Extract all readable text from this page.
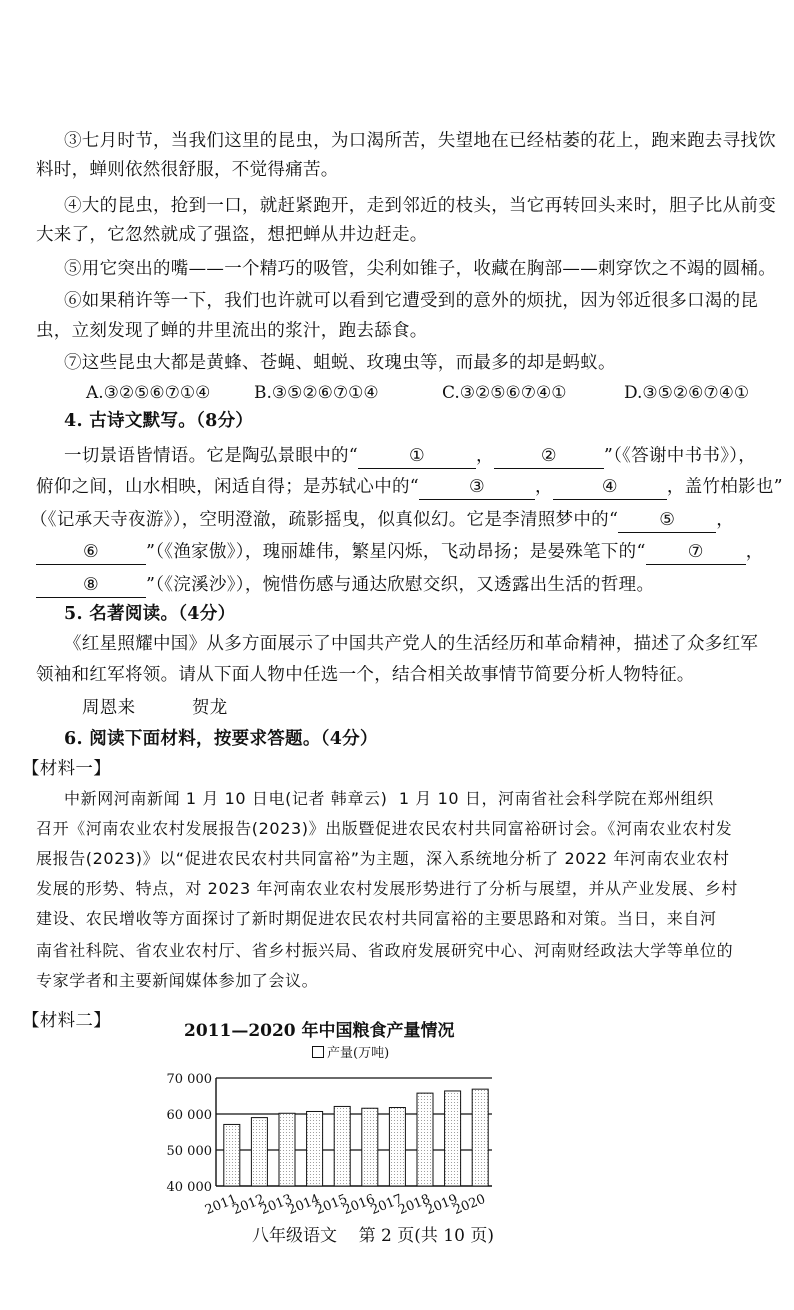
③七月时节，当我们这里的昆虫，为口渴所苦，失望地在已经枯萎的花上，跑来跑去寻找饮
料时，蝉则依然很舒服，不觉得痛苦。
④大的昆虫，抢到一口，就赶紧跑开，走到邻近的枝头，当它再转回头来时，胆子比从前变
大来了，它忽然就成了强盗，想把蝉从井边赶走。
⑤用它突出的嘴——一个精巧的吸管，尖利如锥子，收藏在胸部——刺穿饮之不竭的圆桶。
⑥如果稍许等一下，我们也许就可以看到它遭受到的意外的烦扰，因为邻近很多口渴的昆
虫，立刻发现了蝉的井里流出的浆汁，跑去舔食。
⑦这些昆虫大都是黄蜂、苍蝇、蛆蜕、玫瑰虫等，而最多的却是蚂蚁。
A.③②⑤⑥⑦①④	B.③⑤②⑥⑦①④	C.③②⑤⑥⑦④①	D.③⑤②⑥⑦④①
4. 古诗文默写。（8分）
一切景语皆情语。它是陶弘景眼中的“	①	，	②	”（《答谢中书书》），
俯仰之间，山水相映，闲适自得；是苏轼心中的“	③	，	④	，盖竹柏影也”
（《记承天寺夜游》），空明澄澈，疏影摇曳，似真似幻。它是李清照梦中的“ ⑤ ，
⑥	”（《渔家傲》），瑰丽雄伟，繁星闪烁，飞动昂扬；是晏殊笔下的“ ⑦ ，
⑧	”（《浣溪沙》），惋惜伤感与通达欣慰交织，又透露出生活的哲理。
5. 名著阅读。（4分）
《红星照耀中国》从多方面展示了中国共产党人的生活经历和革命精神，描述了众多红军
领袖和红军将领。请从下面人物中任选一个，结合相关故事情节简要分析人物特征。
周恩来	贺龙
6. 阅读下面材料，按要求答题。（4分）
【材料一】
中新网河南新闻 1 月 10 日电(记者 韩章云) 1 月 10 日，河南省社会科学院在郑州组织
召开《河南农业农村发展报告(2023)》出版暨促进农民农村共同富裕研讨会。《河南农业农村发
展报告(2023)》以“促进农民农村共同富裕”为主题，深入系统地分析了 2022 年河南农业农村
发展的形势、特点，对 2023 年河南农业农村发展形势进行了分析与展望，并从产业发展、乡村
建设、农民增收等方面探讨了新时期促进农民农村共同富裕的主要思路和对策。当日，来自河
南省社科院、省农业农村厅、省乡村振兴局、省政府发展研究中心、河南财经政法大学等单位的
专家学者和主要新闻媒体参加了会议。
【材料二】	2011—2020 年中国粮食产量情况
产量(万吨)
40 000
50 000
60 000
70 000
2011
2012
2013
2014
2015
2016
2017
2018
2019
2020
八年级语文 第 2 页(共 10 页)
